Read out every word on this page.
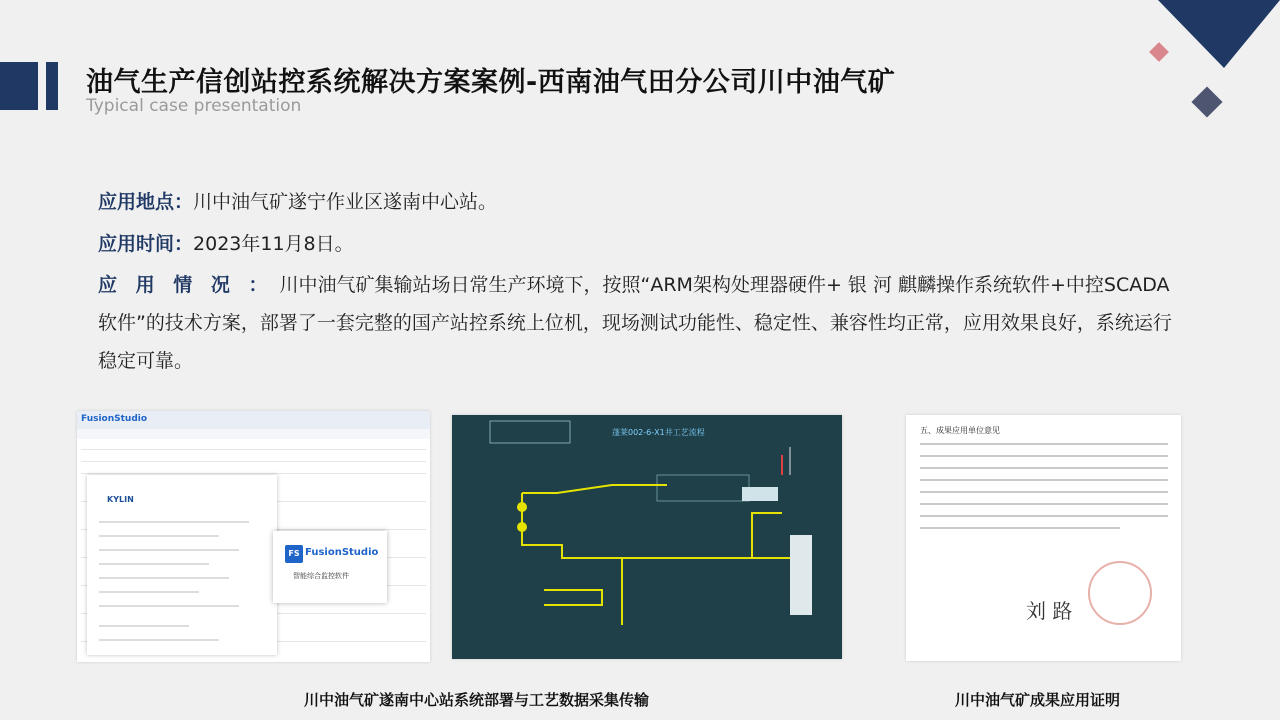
油气生产信创站控系统解决方案案例-西南油气田分公司川中油气矿
Typical case presentation
应用地点：川中油气矿遂宁作业区遂南中心站。
应用时间：2023年11月8日。
应 用 情 况 ： 川中油气矿集输站场日常生产环境下，按照“ARM架构处理器硬件+ 银 河 麒麟操作系统软件+中控SCADA软件”的技术方案，部署了一套完整的国产站控系统上位机，现场测试功能性、稳定性、兼容性均正常，应用效果良好，系统运行稳定可靠。
FusionStudio
KYLIN
FS FusionStudio
智能综合监控软件
蓬莱002-6-X1井工艺流程	五、成果应用单位意见
刘 路
川中油气矿遂南中心站系统部署与工艺数据采集传输	川中油气矿成果应用证明
